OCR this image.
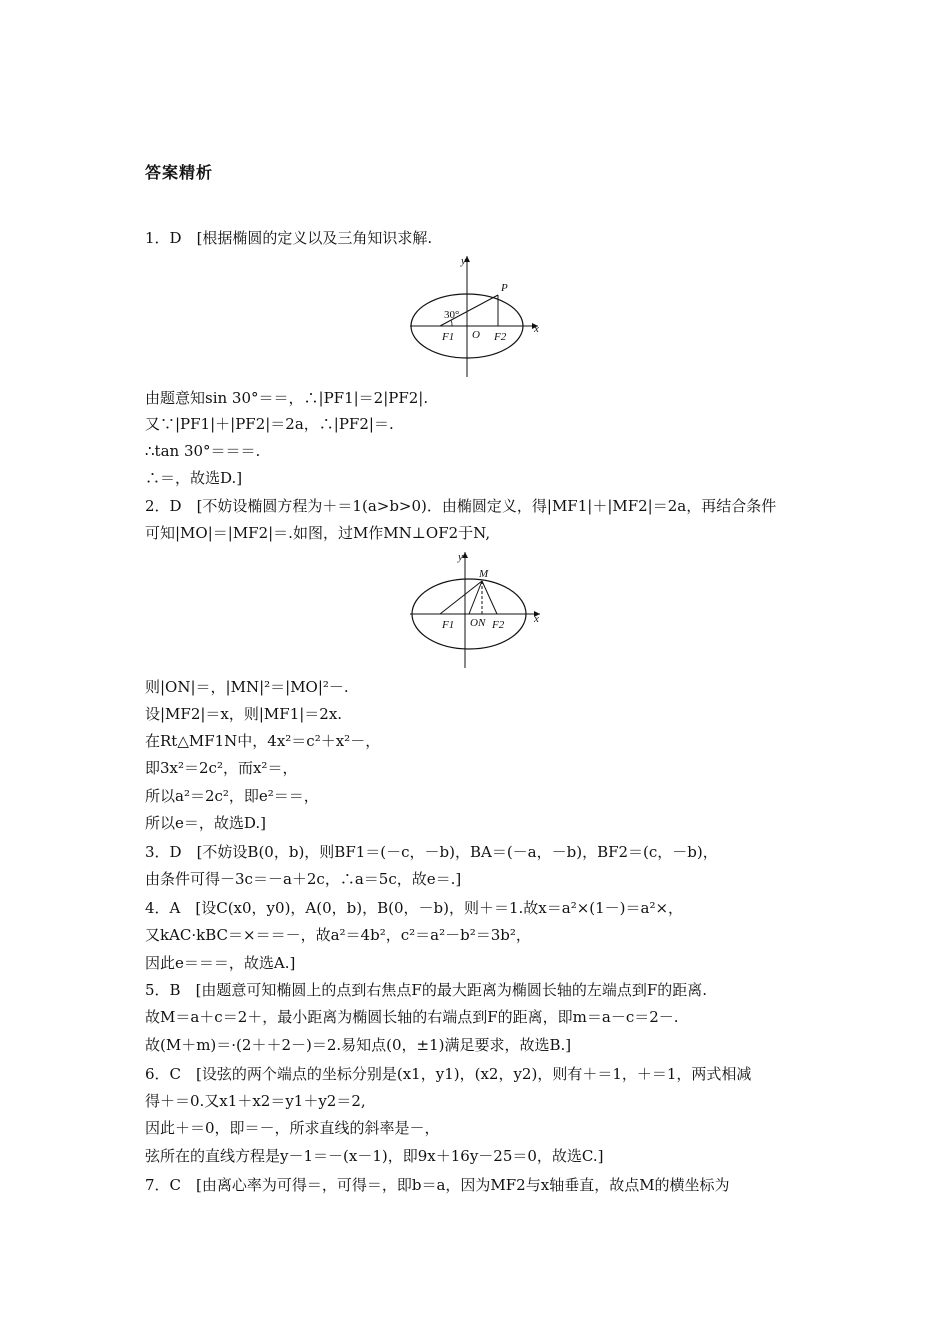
答案精析
1．D　[根据椭圆的定义以及三角知识求解.
y
x
P
30°
F1 O F2
由题意知sin 30°＝＝，∴|PF1|＝2|PF2|.
又∵|PF1|＋|PF2|＝2a，∴|PF2|＝.
∴tan 30°＝＝＝.
∴＝，故选D.]
2．D　[不妨设椭圆方程为＋＝1(a>b>0)．由椭圆定义，得|MF1|＋|MF2|＝2a，再结合条件
可知|MO|＝|MF2|＝.如图，过M作MN⊥OF2于N,
y
x
M
F1 ON F2
则|ON|＝，|MN|²＝|MO|²－.
设|MF2|＝x，则|MF1|＝2x.
在Rt△MF1N中，4x²＝c²＋x²－，
即3x²＝2c²，而x²＝，
所以a²＝2c²，即e²＝＝，
所以e＝，故选D.]
3．D　[不妨设B(0，b)，则BF1＝(－c，－b)，BA＝(－a，－b)，BF2＝(c，－b)，
由条件可得－3c＝－a＋2c，∴a＝5c，故e＝.]
4．A　[设C(x0，y0)，A(0，b)，B(0，－b)，则＋＝1.故x＝a²×(1－)＝a²×，
又kAC·kBC＝×＝＝－，故a²＝4b²，c²＝a²－b²＝3b²，
因此e＝＝＝，故选A.]
5．B　[由题意可知椭圆上的点到右焦点F的最大距离为椭圆长轴的左端点到F的距离.
故M＝a＋c＝2＋，最小距离为椭圆长轴的右端点到F的距离，即m＝a－c＝2－.
故(M＋m)＝·(2＋＋2－)＝2.易知点(0，±1)满足要求，故选B.]
6．C　[设弦的两个端点的坐标分别是(x1，y1)，(x2，y2)，则有＋＝1，＋＝1，两式相减
得＋＝0.又x1＋x2＝y1＋y2＝2,
因此＋＝0，即＝－，所求直线的斜率是－，
弦所在的直线方程是y－1＝－(x－1)，即9x＋16y－25＝0，故选C.]
7．C　[由离心率为可得＝，可得＝，即b＝a，因为MF2与x轴垂直，故点M的横坐标为
